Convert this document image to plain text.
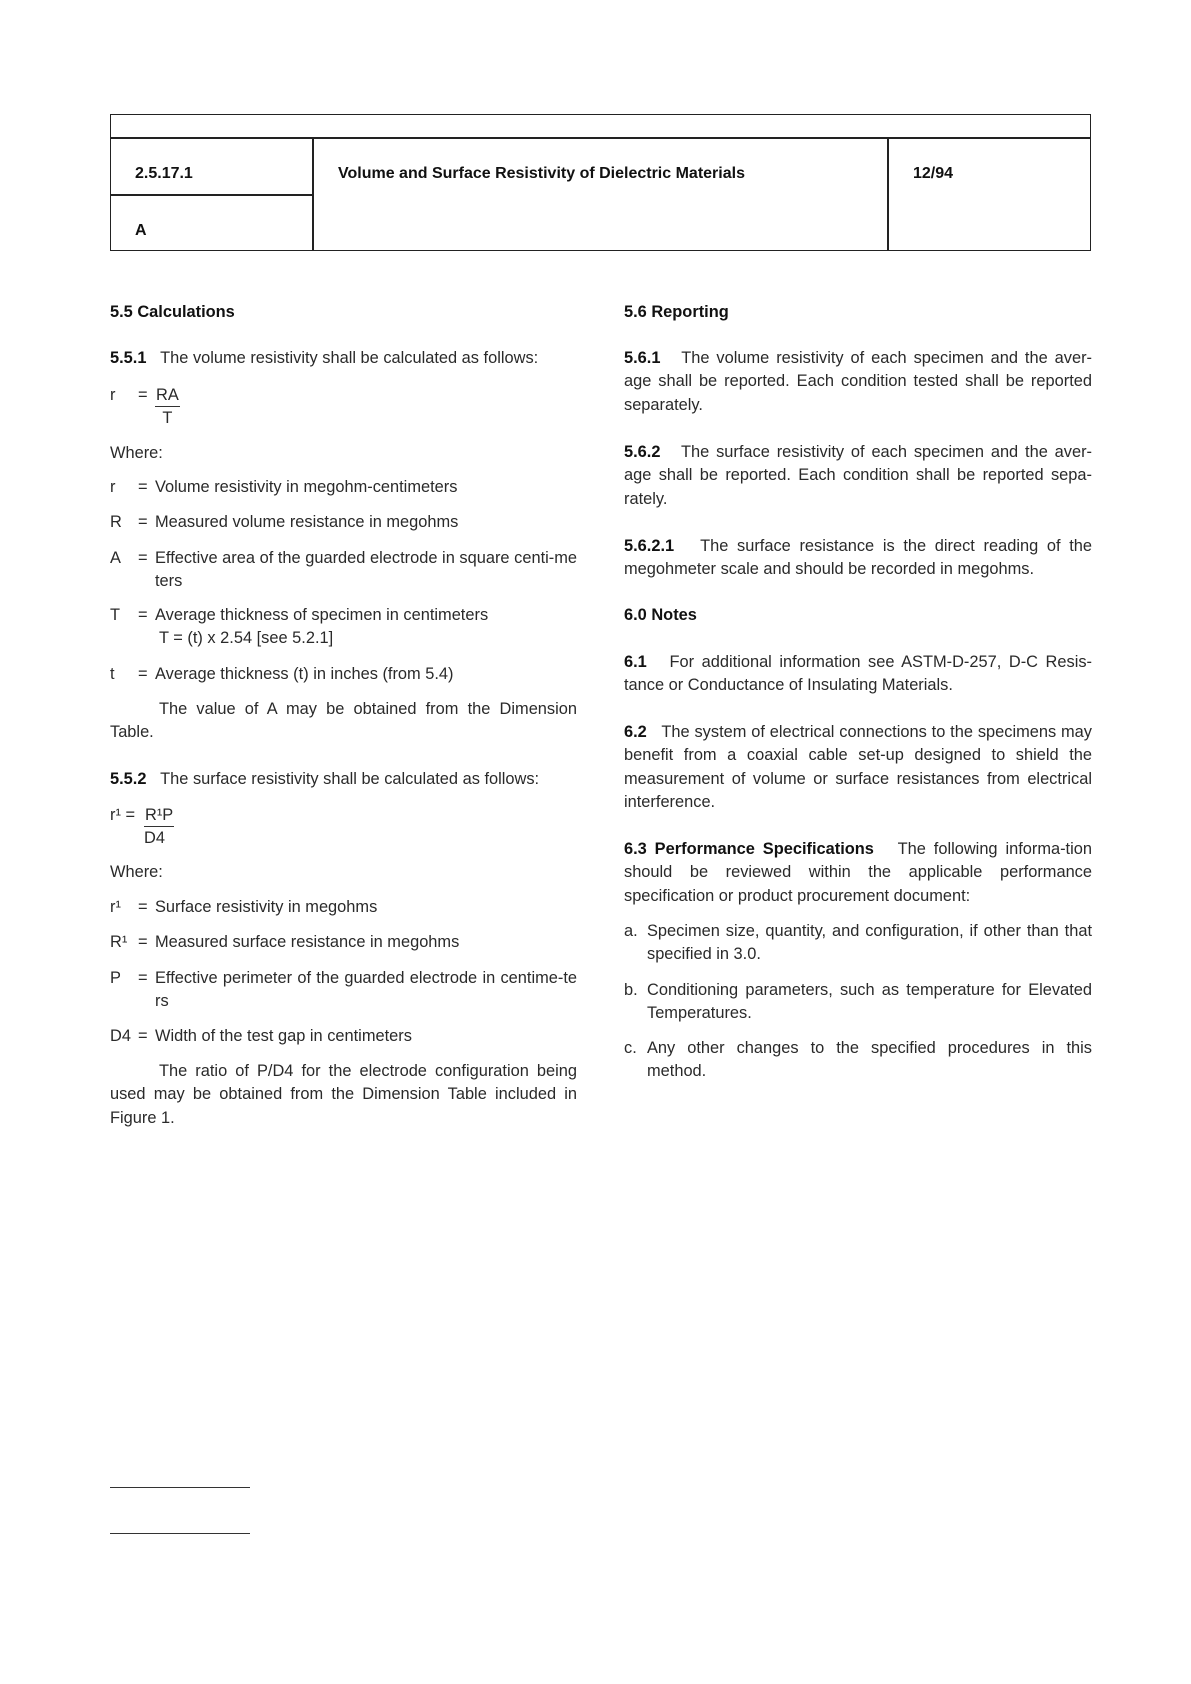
2.5.17.1
A
Volume and Surface Resistivity of Dielectric Materials	12/94
5.5 Calculations
5.5.1 The volume resistivity shall be calculated as follows:
$r = \frac{RA}{T}$
Where:
r = Volume resistivity in megohm-centimeters
R = Measured volume resistance in megohms
A = Effective area of the guarded electrode in square centi-meters
T = Average thickness of specimen in centimeters
T = (t) x 2.54 [see 5.2.1]
t = Average thickness (t) in inches (from 5.4)
The value of A may be obtained from the Dimension Table.
5.5.2 The surface resistivity shall be calculated as follows:
$r^1 = \frac{\text{R¹P}}{D4}$
Where:
r¹ = Surface resistivity in megohms
R¹ = Measured surface resistance in megohms
P = Effective perimeter of the guarded electrode in centime-ters
D4 = Width of the test gap in centimeters
The ratio of P/D4 for the electrode configuration being used may be obtained from the Dimension Table included in Figure 1.
5.6 Reporting
5.6.1 The volume resistivity of each specimen and the aver-age shall be reported. Each condition tested shall be reported separately.
5.6.2 The surface resistivity of each specimen and the aver-age shall be reported. Each condition shall be reported sepa-rately.
5.6.2.1 The surface resistance is the direct reading of the megohmeter scale and should be recorded in megohms.
6.0 Notes
6.1 For additional information see ASTM-D-257, D-C Resis-tance or Conductance of Insulating Materials.
6.2 The system of electrical connections to the specimens may benefit from a coaxial cable set-up designed to shield the measurement of volume or surface resistances from electrical interference.
6.3 Performance Specifications The following informa-tion should be reviewed within the applicable performance specification or product procurement document:
a. Specimen size, quantity, and configuration, if other than that specified in 3.0.
b. Conditioning parameters, such as temperature for Elevated Temperatures.
c. Any other changes to the specified procedures in this method.
